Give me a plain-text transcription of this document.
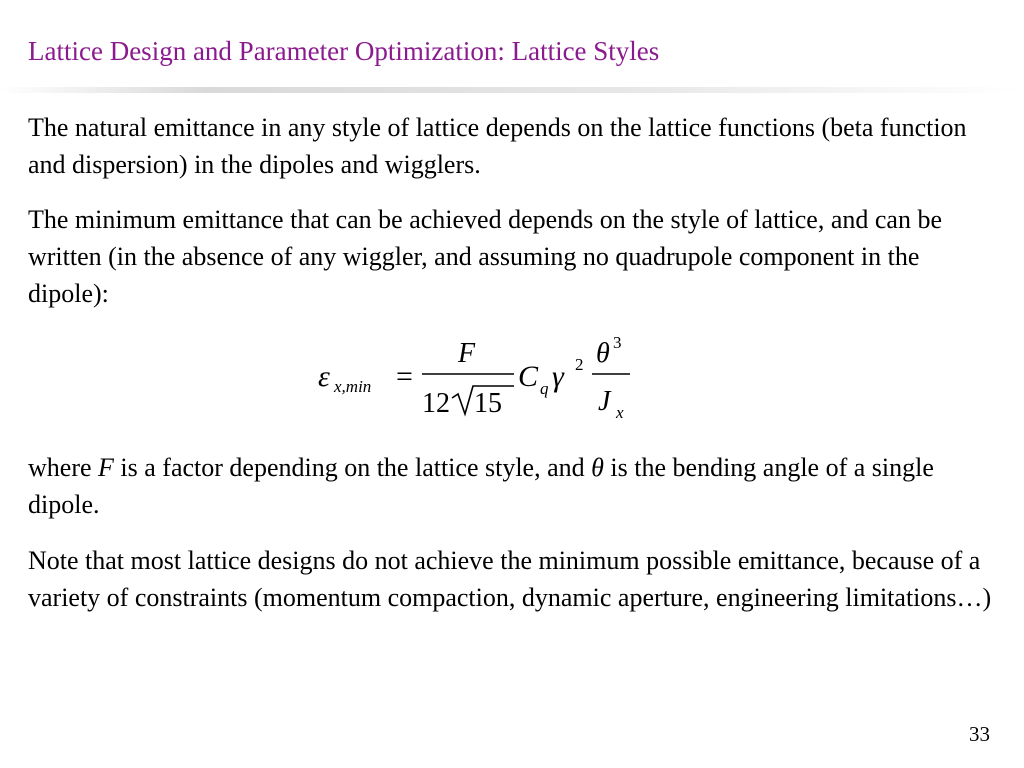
Lattice Design and Parameter Optimization: Lattice Styles

The natural emittance in any style of lattice depends on the lattice functions (beta function and dispersion) in the dipoles and wigglers.

The minimum emittance that can be achieved depends on the style of lattice, and can be written (in the absence of any wiggler, and assuming no quadrupole component in the dipole):

ε x,min =
F
12 15
C q γ 2 θ 3
J x

where F is a factor depending on the lattice style, and θ is the bending angle of a single dipole.

Note that most lattice designs do not achieve the minimum possible emittance, because of a variety of constraints (momentum compaction, dynamic aperture, engineering limitations…)

33
